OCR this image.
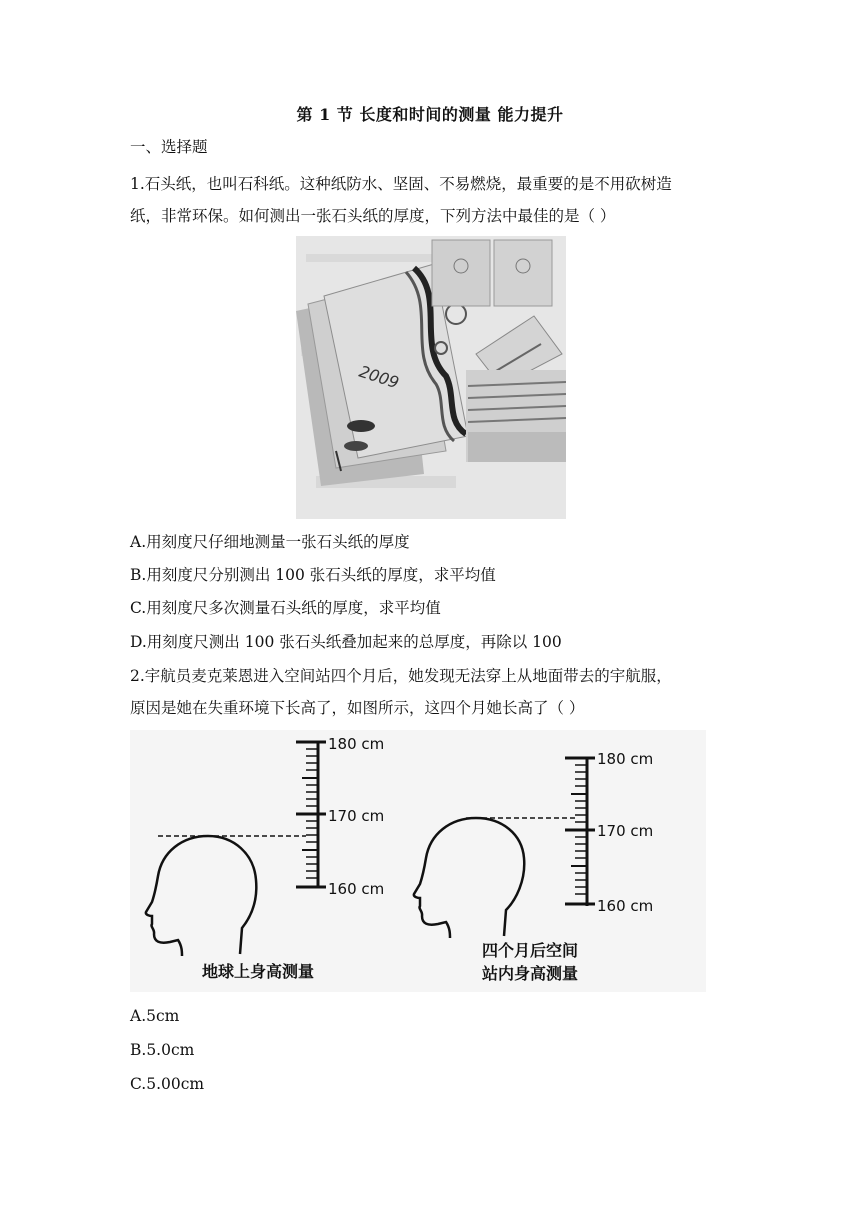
第 1 节 长度和时间的测量 能力提升
一、选择题
1.石头纸，也叫石科纸。这种纸防水、坚固、不易燃烧，最重要的是不用砍树造
纸，非常环保。如何测出一张石头纸的厚度，下列方法中最佳的是（ ）
2009
A.用刻度尺仔细地测量一张石头纸的厚度
B.用刻度尺分别测出 100 张石头纸的厚度，求平均值
C.用刻度尺多次测量石头纸的厚度，求平均值
D.用刻度尺测出 100 张石头纸叠加起来的总厚度，再除以 100
2.宇航员麦克莱恩进入空间站四个月后，她发现无法穿上从地面带去的宇航服，
原因是她在失重环境下长高了，如图所示，这四个月她长高了（ ）
180 cm
170 cm
160 cm
地球上身高测量
180 cm
170 cm
160 cm
四个月后空间
站内身高测量
A.5cm
B.5.0cm
C.5.00cm
